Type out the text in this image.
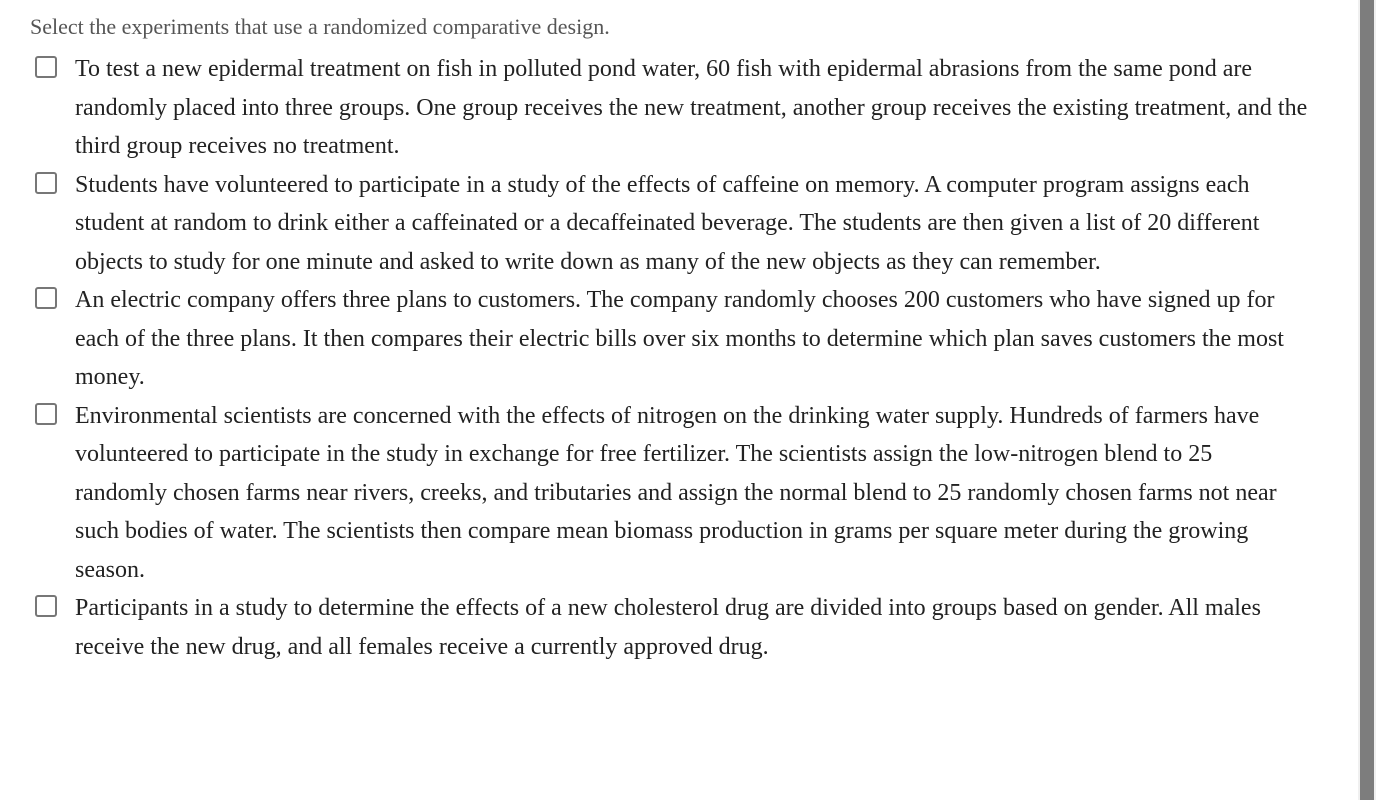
Select the experiments that use a randomized comparative design.
To test a new epidermal treatment on fish in polluted pond water, 60 fish with epidermal abrasions from the same pond are randomly placed into three groups. One group receives the new treatment, another group receives the existing treatment, and the third group receives no treatment.
Students have volunteered to participate in a study of the effects of caffeine on memory. A computer program assigns each student at random to drink either a caffeinated or a decaffeinated beverage. The students are then given a list of 20 different objects to study for one minute and asked to write down as many of the new objects as they can remember.
An electric company offers three plans to customers. The company randomly chooses 200 customers who have signed up for each of the three plans. It then compares their electric bills over six months to determine which plan saves customers the most money.
Environmental scientists are concerned with the effects of nitrogen on the drinking water supply. Hundreds of farmers have volunteered to participate in the study in exchange for free fertilizer. The scientists assign the low-nitrogen blend to 25 randomly chosen farms near rivers, creeks, and tributaries and assign the normal blend to 25 randomly chosen farms not near such bodies of water. The scientists then compare mean biomass production in grams per square meter during the growing season.
Participants in a study to determine the effects of a new cholesterol drug are divided into groups based on gender. All males receive the new drug, and all females receive a currently approved drug.
